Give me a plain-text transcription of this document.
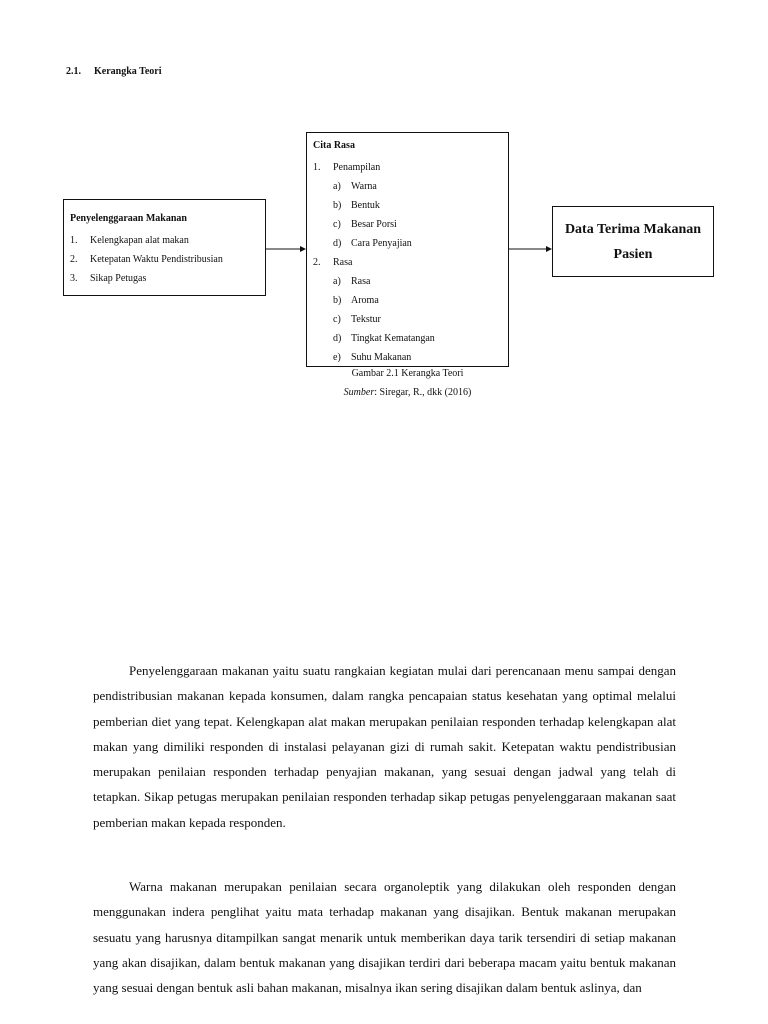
2.1. Kerangka Teori
Penyelenggaraan Makanan
1. Kelengkapan alat makan
2. Ketepatan Waktu Pendistribusian
3. Sikap Petugas
Cita Rasa
1. Penampilan
a) Warna
b) Bentuk
c) Besar Porsi
d) Cara Penyajian
2. Rasa
a) Rasa
b) Aroma
c) Tekstur
d) Tingkat Kematangan
e) Suhu Makanan
Data Terima Makanan
Pasien
Gambar 2.1 Kerangka Teori
Sumber: Siregar, R., dkk (2016)

Penyelenggaraan makanan yaitu suatu rangkaian kegiatan mulai dari perencanaan menu sampai dengan pendistribusian makanan kepada konsumen, dalam rangka pencapaian status kesehatan yang optimal melalui pemberian diet yang tepat. Kelengkapan alat makan merupakan penilaian responden terhadap kelengkapan alat makan yang dimiliki responden di instalasi pelayanan gizi di rumah sakit. Ketepatan waktu pendistribusian merupakan penilaian responden terhadap penyajian makanan, yang sesuai dengan jadwal yang telah di tetapkan. Sikap petugas merupakan penilaian responden terhadap sikap petugas penyelenggaraan makanan saat pemberian makan kepada responden.

Warna makanan merupakan penilaian secara organoleptik yang dilakukan oleh responden dengan menggunakan indera penglihat yaitu mata terhadap makanan yang disajikan. Bentuk makanan merupakan sesuatu yang harusnya ditampilkan sangat menarik untuk memberikan daya tarik tersendiri di setiap makanan yang akan disajikan, dalam bentuk makanan yang disajikan terdiri dari beberapa macam yaitu bentuk makanan yang sesuai dengan bentuk asli bahan makanan, misalnya ikan sering disajikan dalam bentuk aslinya, dan
